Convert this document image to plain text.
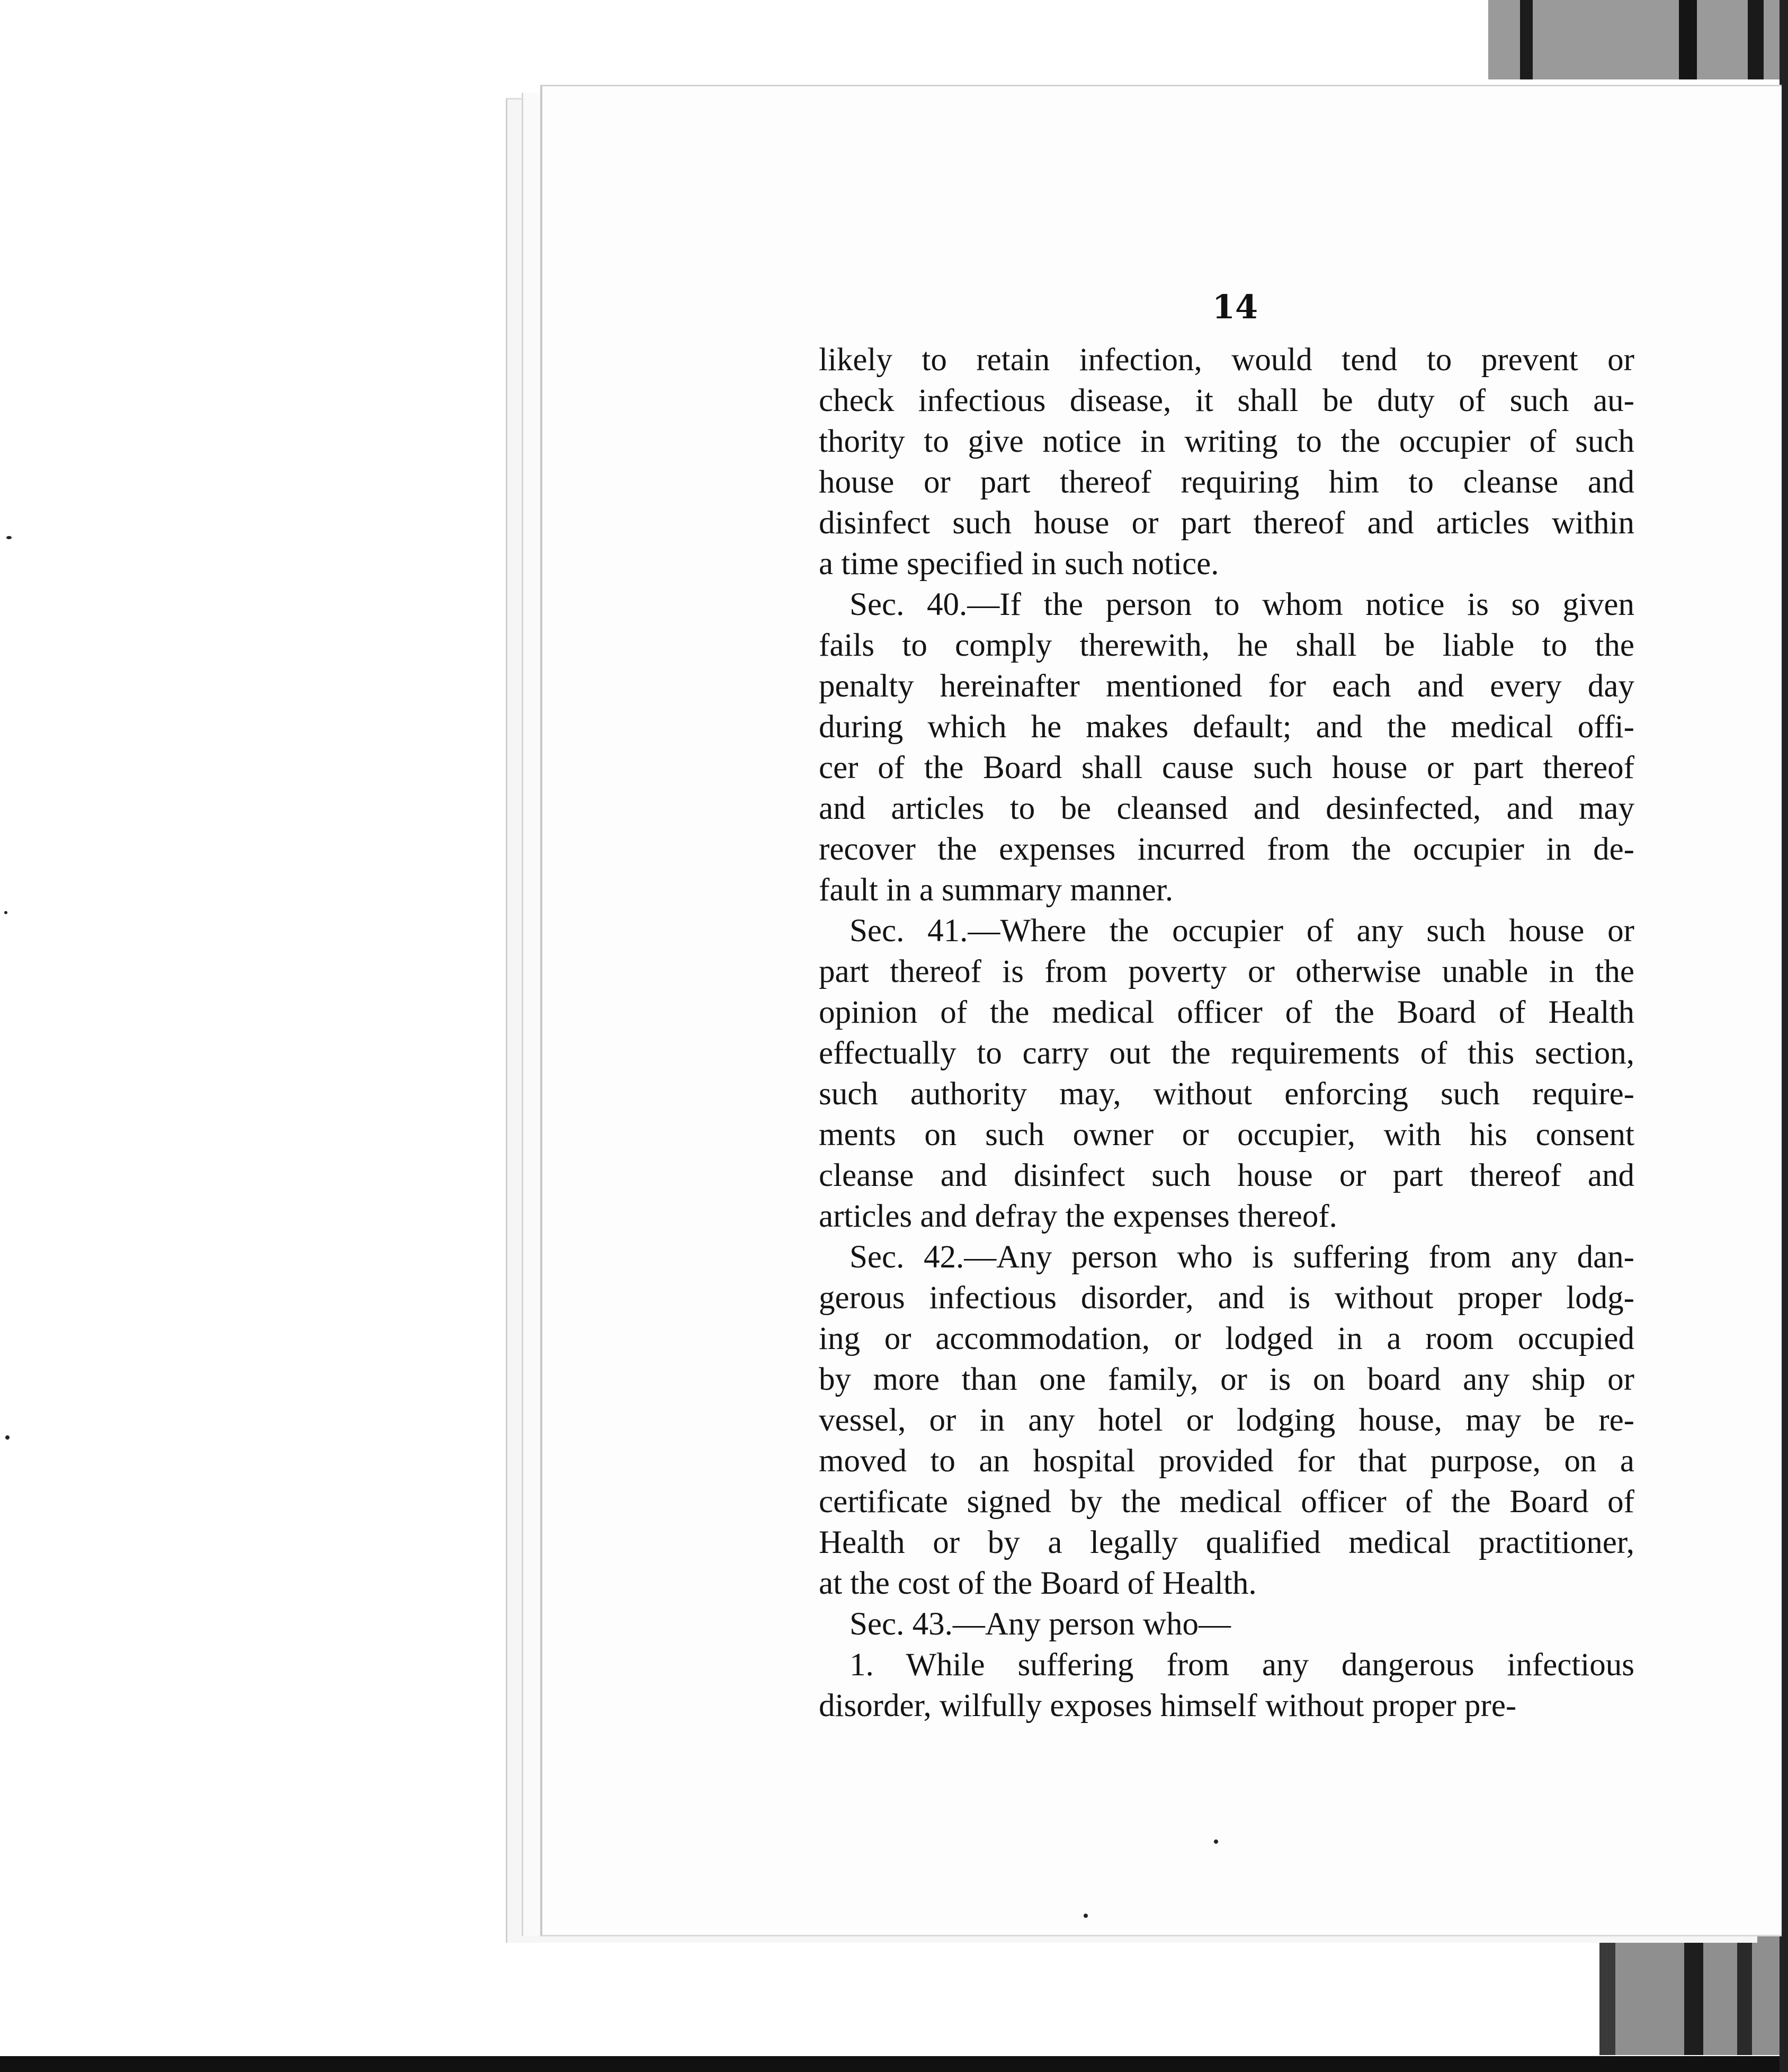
14
likely to retain infection, would tend to prevent or
check infectious disease, it shall be duty of such au-
thority to give notice in writing to the occupier of such
house or part thereof requiring him to cleanse and
disinfect such house or part thereof and articles within
a time specified in such notice.
Sec. 40.—If the person to whom notice is so given
fails to comply therewith, he shall be liable to the
penalty hereinafter mentioned for each and every day
during which he makes default; and the medical offi-
cer of the Board shall cause such house or part thereof
and articles to be cleansed and desinfected, and may
recover the expenses incurred from the occupier in de-
fault in a summary manner.
Sec. 41.—Where the occupier of any such house or
part thereof is from poverty or otherwise unable in the
opinion of the medical officer of the Board of Health
effectually to carry out the requirements of this section,
such authority may, without enforcing such require-
ments on such owner or occupier, with his consent
cleanse and disinfect such house or part thereof and
articles and defray the expenses thereof.
Sec. 42.—Any person who is suffering from any dan-
gerous infectious disorder, and is without proper lodg-
ing or accommodation, or lodged in a room occupied
by more than one family, or is on board any ship or
vessel, or in any hotel or lodging house, may be re-
moved to an hospital provided for that purpose, on a
certificate signed by the medical officer of the Board of
Health or by a legally qualified medical practitioner,
at the cost of the Board of Health.
Sec. 43.—Any person who—
1. While suffering from any dangerous infectious
disorder, wilfully exposes himself without proper pre-
